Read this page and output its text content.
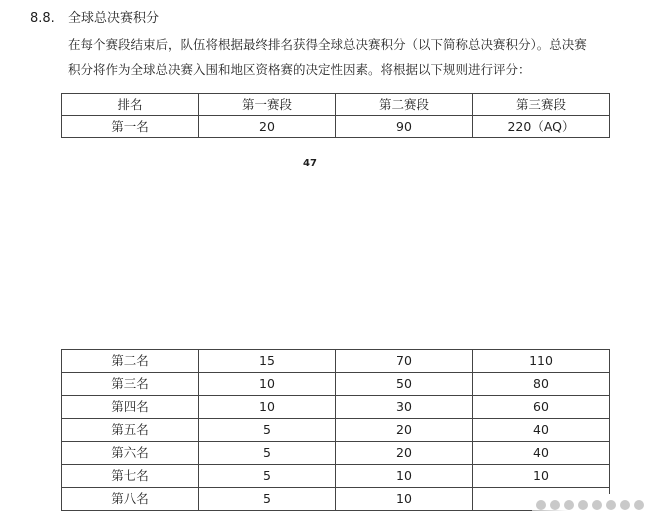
8.8. 全球总决赛积分
在每个赛段结束后，队伍将根据最终排名获得全球总决赛积分（以下简称总决赛积分）。总决赛
积分将作为全球总决赛入围和地区资格赛的决定性因素。将根据以下规则进行评分：
排名	第一赛段	第二赛段	第三赛段
第一名	20	90	220（AQ）
47
第二名	15	70	110
第三名	10	50	80
第四名	10	30	60
第五名	5	20	40
第六名	5	20	40
第七名	5	10	10
第八名	5	10	
